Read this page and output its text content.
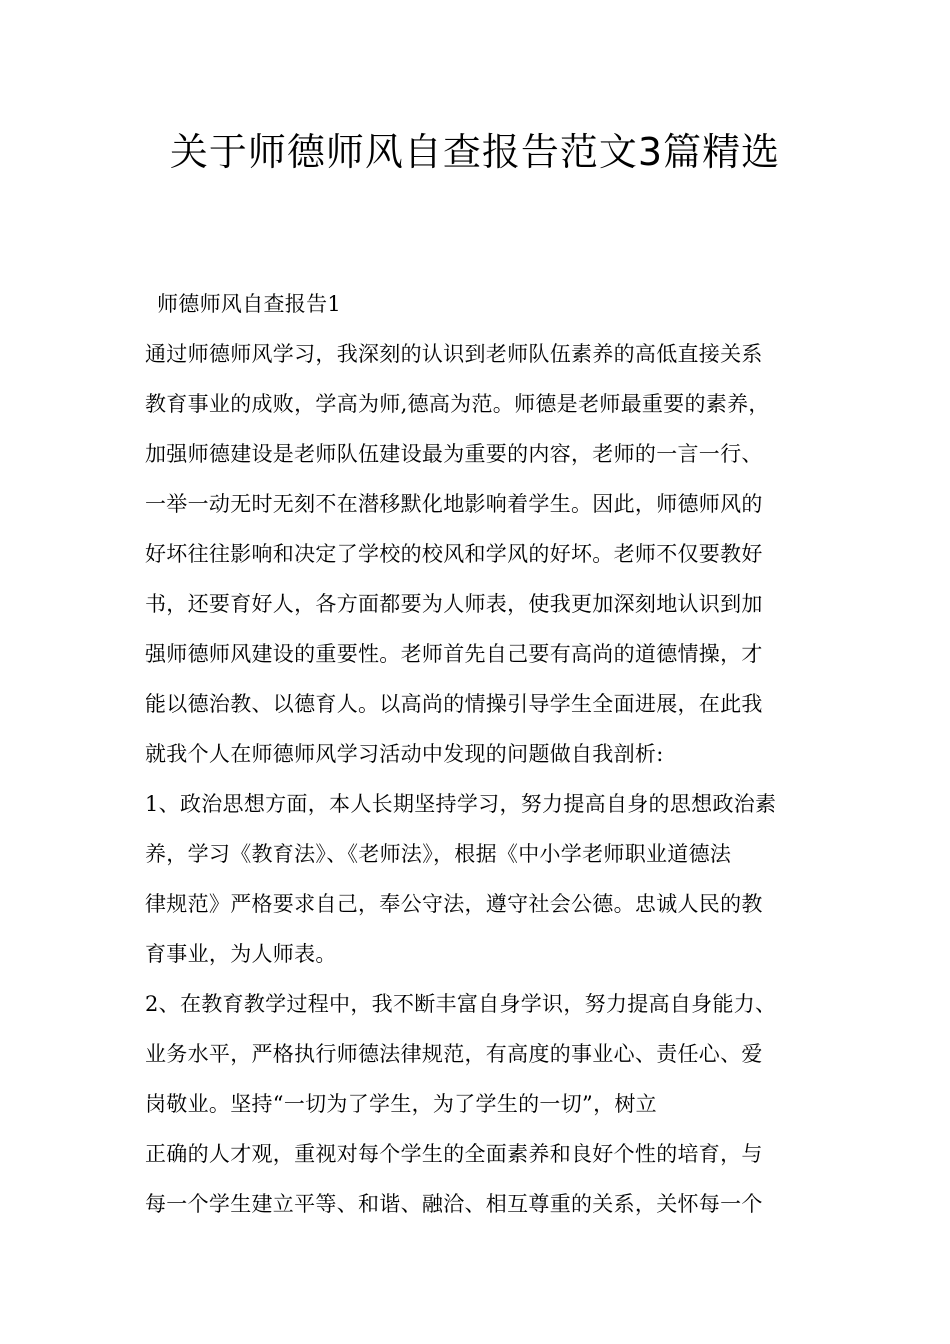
关于师德师风自查报告范文3篇精选
师德师风自查报告1
通过师德师风学习，我深刻的认识到老师队伍素养的高低直接关系
教育事业的成败，学高为师,德高为范。师德是老师最重要的素养，
加强师德建设是老师队伍建设最为重要的内容，老师的一言一行、
一举一动无时无刻不在潜移默化地影响着学生。因此，师德师风的
好坏往往影响和决定了学校的校风和学风的好坏。老师不仅要教好
书，还要育好人，各方面都要为人师表，使我更加深刻地认识到加
强师德师风建设的重要性。老师首先自己要有高尚的道德情操，才
能以德治教、以德育人。以高尚的情操引导学生全面进展，在此我
就我个人在师德师风学习活动中发现的问题做自我剖析:
1、政治思想方面，本人长期坚持学习，努力提高自身的思想政治素
养，学习《教育法》、《老师法》，根据《中小学老师职业道德法
律规范》严格要求自己，奉公守法，遵守社会公德。忠诚人民的教
育事业，为人师表。
2、在教育教学过程中，我不断丰富自身学识，努力提高自身能力、
业务水平，严格执行师德法律规范，有高度的事业心、责任心、爱
岗敬业。坚持“一切为了学生，为了学生的一切”，树立
正确的人才观，重视对每个学生的全面素养和良好个性的培育，与
每一个学生建立平等、和谐、融洽、相互尊重的关系，关怀每一个
